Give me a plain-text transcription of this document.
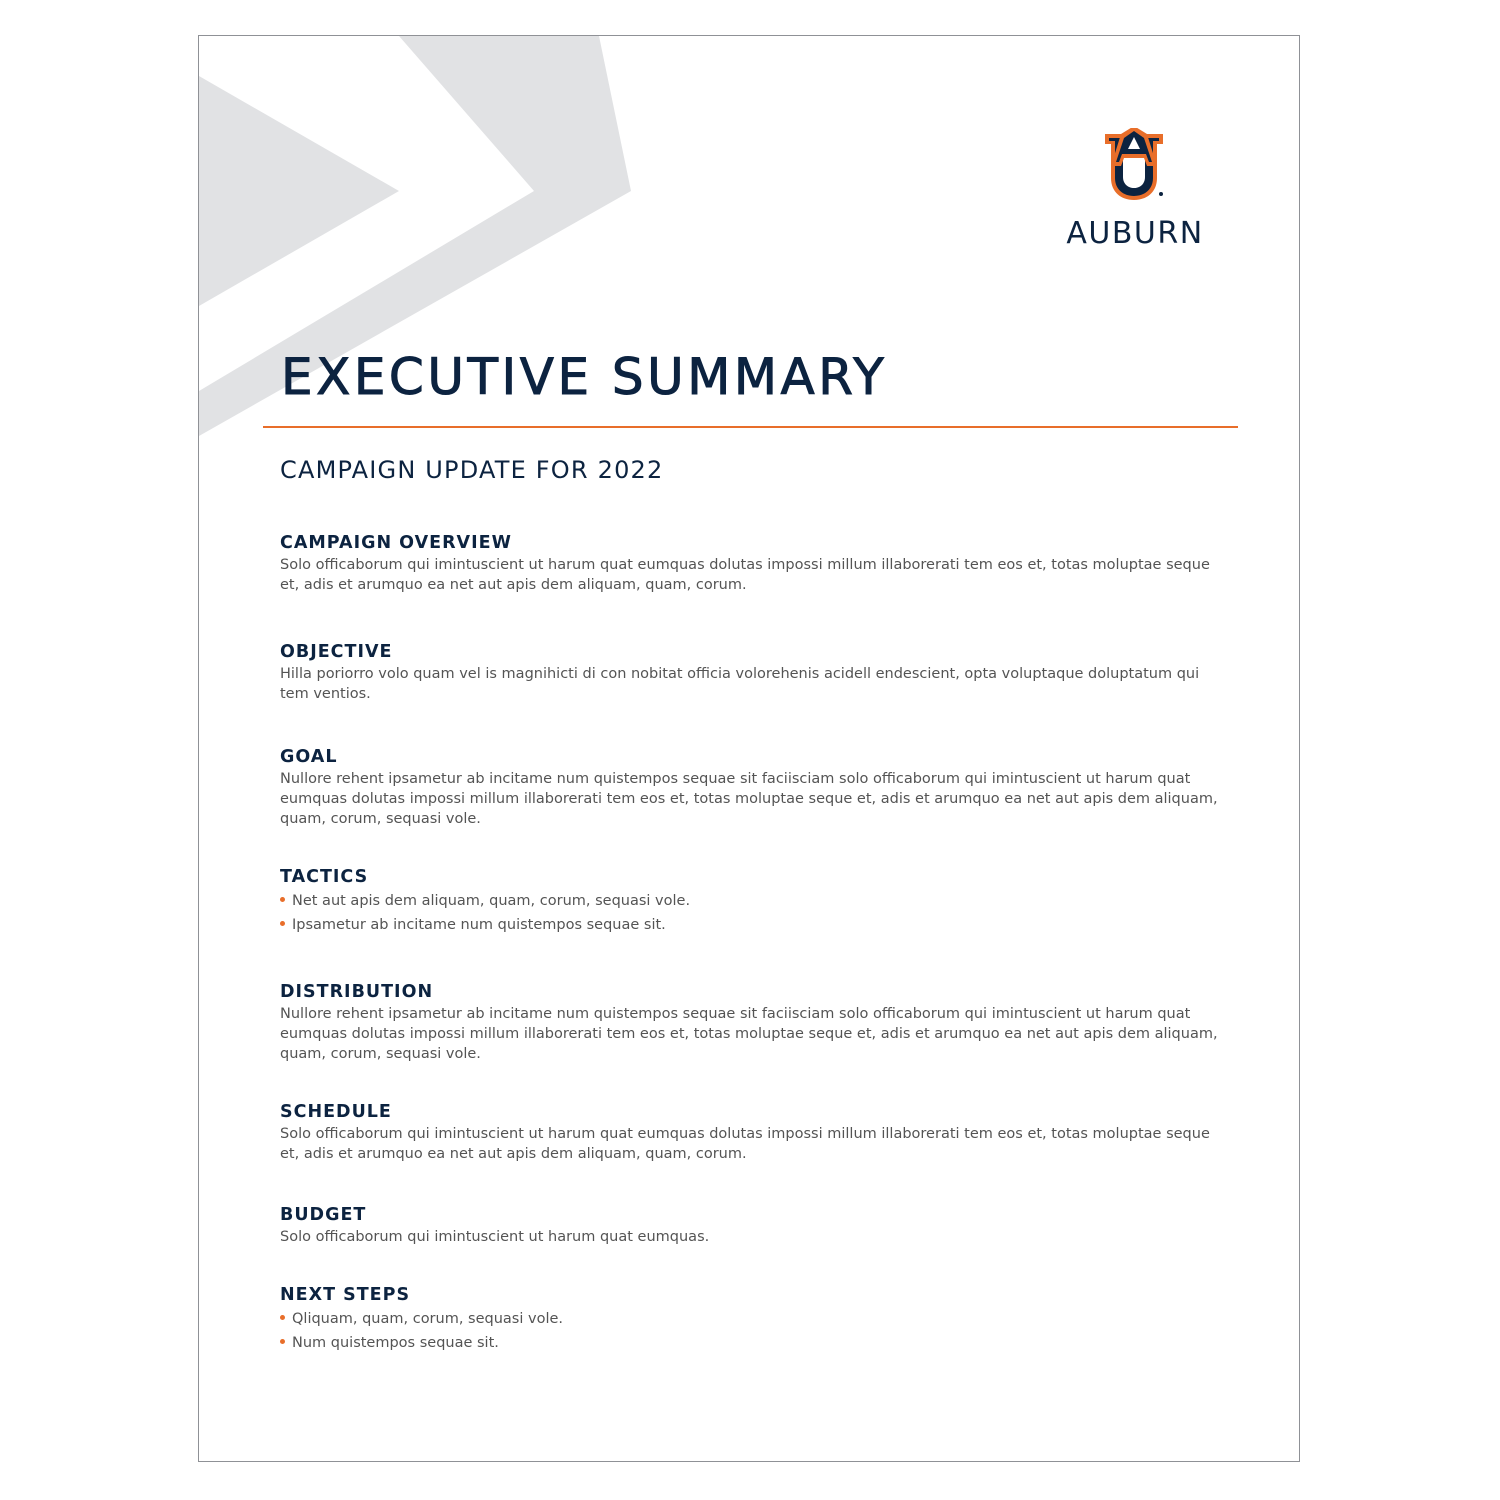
AUBURN
EXECUTIVE SUMMARY
CAMPAIGN UPDATE FOR 2022
CAMPAIGN OVERVIEW

Solo officaborum qui imintuscient ut harum quat eumquas dolutas impossi millum illaborerati tem eos et, totas moluptae seque et, adis et arumquo ea net aut apis dem aliquam, quam, corum.

OBJECTIVE

Hilla poriorro volo quam vel is magnihicti di con nobitat officia volorehenis acidell endescient, opta voluptaque doluptatum qui tem ventios.

GOAL

Nullore rehent ipsametur ab incitame num quistempos sequae sit faciisciam solo officaborum qui imintuscient ut harum quat eumquas dolutas impossi millum illaborerati tem eos et, totas moluptae seque et, adis et arumquo ea net aut apis dem aliquam, quam, corum, sequasi vole.

TACTICS
Net aut apis dem aliquam, quam, corum, sequasi vole.
Ipsametur ab incitame num quistempos sequae sit.
DISTRIBUTION

Nullore rehent ipsametur ab incitame num quistempos sequae sit faciisciam solo officaborum qui imintuscient ut harum quat eumquas dolutas impossi millum illaborerati tem eos et, totas moluptae seque et, adis et arumquo ea net aut apis dem aliquam, quam, corum, sequasi vole.

SCHEDULE

Solo officaborum qui imintuscient ut harum quat eumquas dolutas impossi millum illaborerati tem eos et, totas moluptae seque et, adis et arumquo ea net aut apis dem aliquam, quam, corum.

BUDGET

Solo officaborum qui imintuscient ut harum quat eumquas.

NEXT STEPS
Qliquam, quam, corum, sequasi vole.
Num quistempos sequae sit.
